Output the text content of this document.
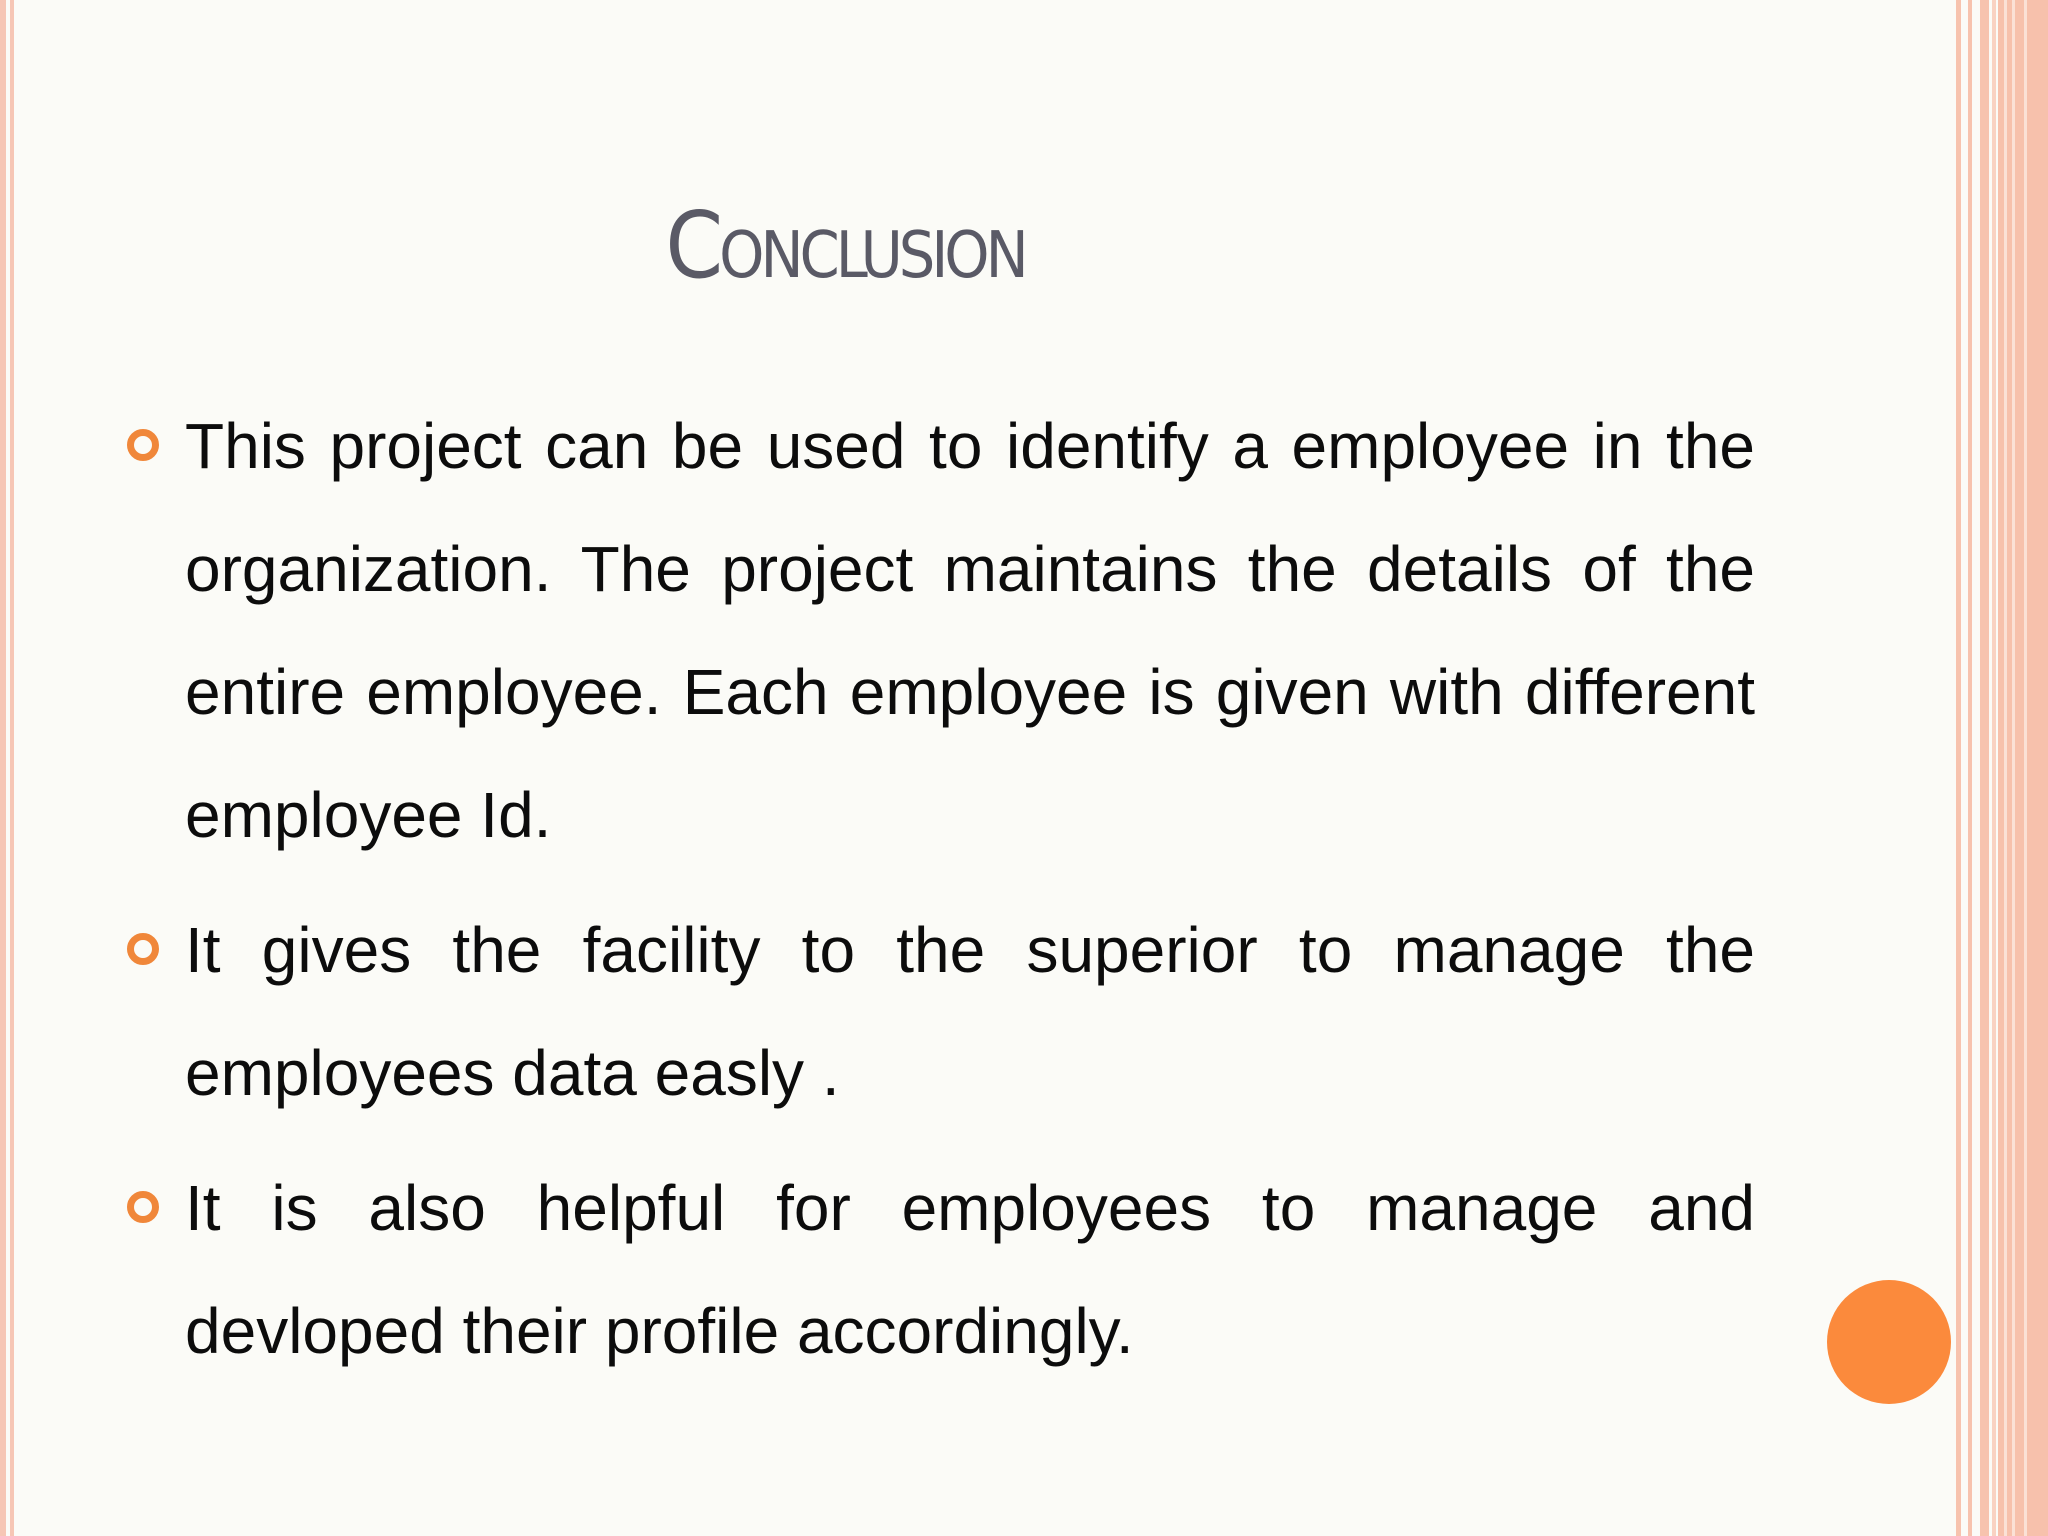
Conclusion
This project can be used to identify a employee in the organization. The project maintains the details of the entire employee. Each employee is given with different employee Id.
It gives the facility to the superior to manage the employees data easly .
It is also helpful for employees to manage and devloped their profile accordingly.
